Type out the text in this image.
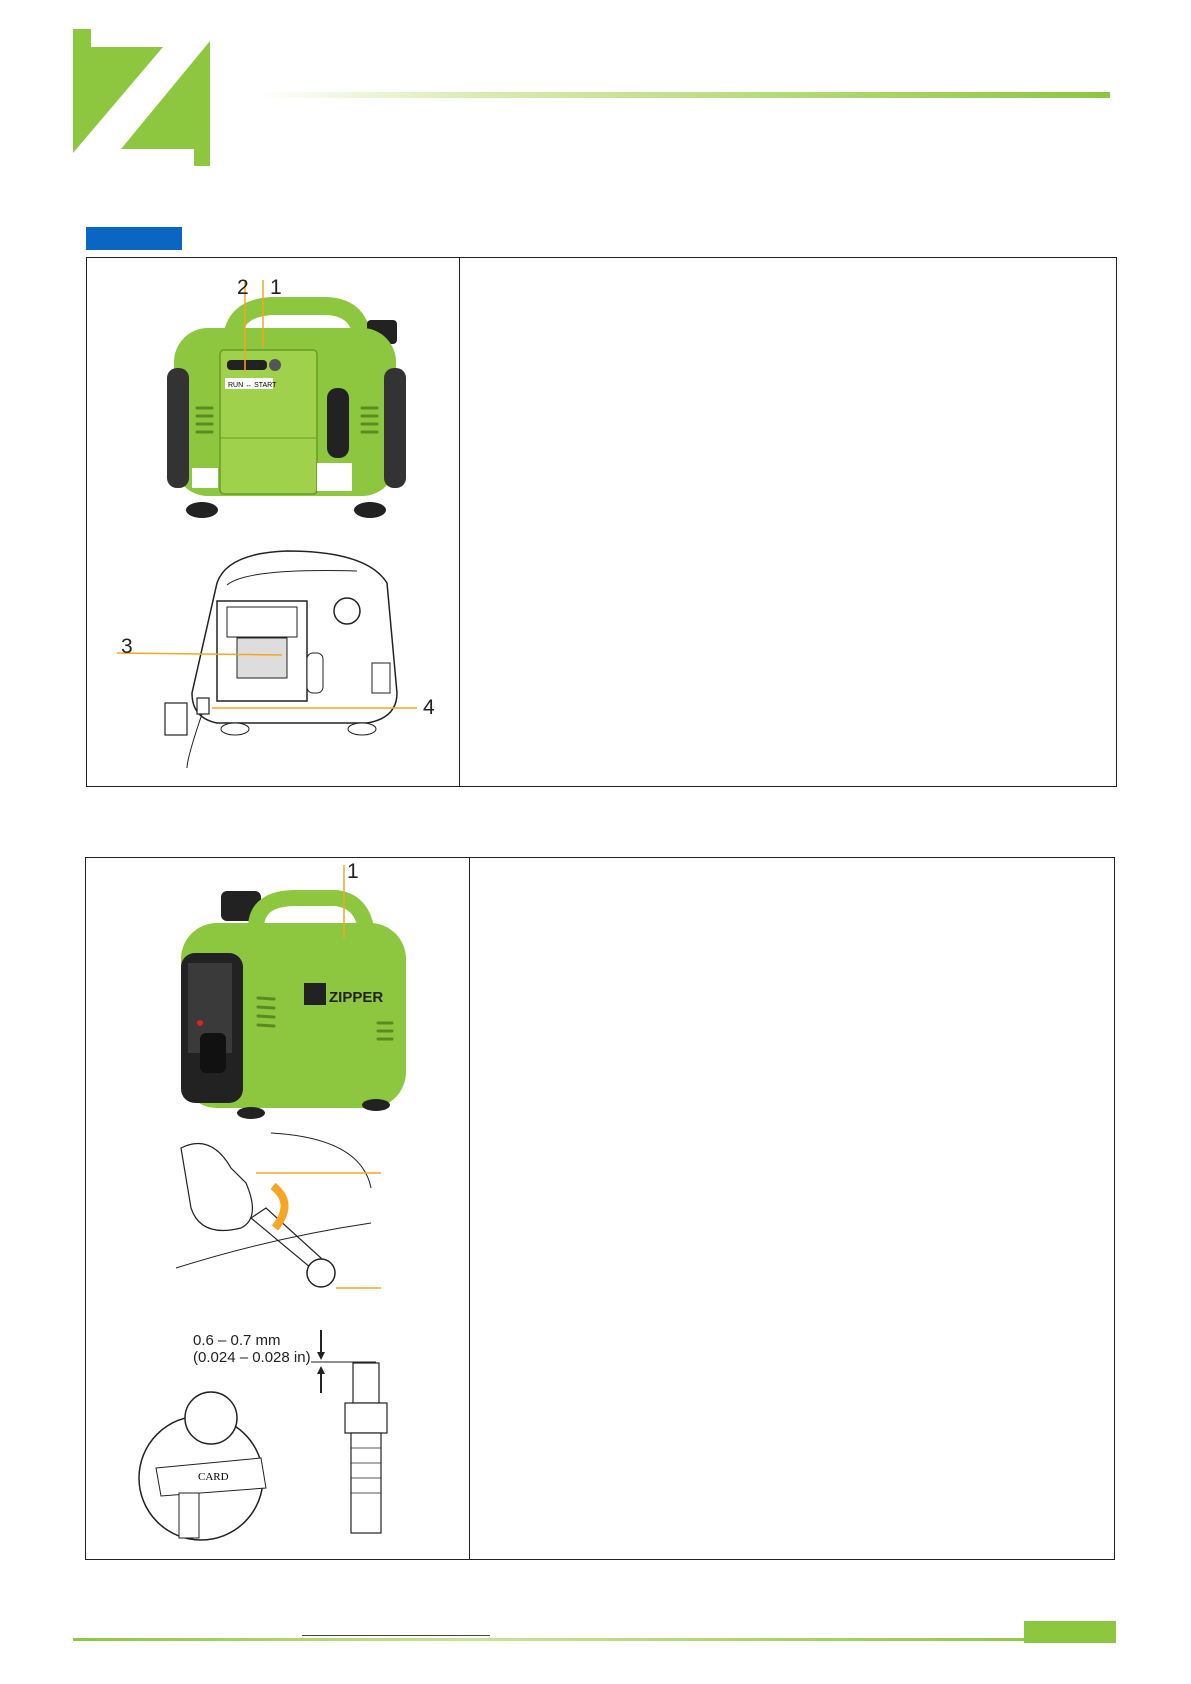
RUN ↔ START
2 1
3
4
ZIPPER
1
0.6 – 0.7 mm
(0.024 – 0.028 in)
CARD
